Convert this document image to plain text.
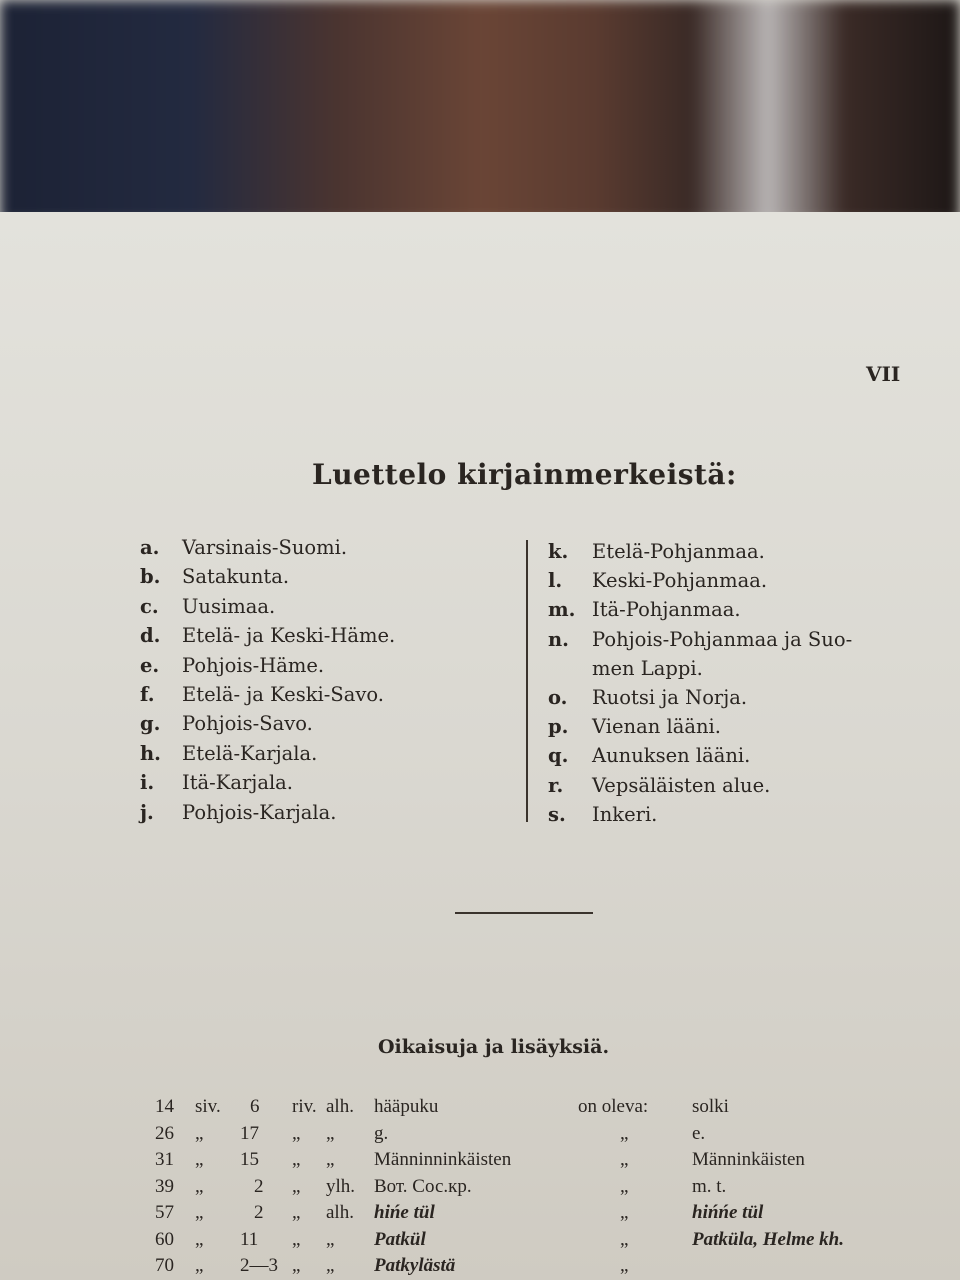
VII
Luettelo kirjainmerkeistä:
a. Varsinais-Suomi.
b. Satakunta.
c. Uusimaa.
d. Etelä- ja Keski-Häme.
e. Pohjois-Häme.
f. Etelä- ja Keski-Savo.
g. Pohjois-Savo.
h. Etelä-Karjala.
i. Itä-Karjala.
j. Pohjois-Karjala.
k. Etelä-Pohjanmaa.
l. Keski-Pohjanmaa.
m. Itä-Pohjanmaa.
n. Pohjois-Pohjanmaa ja Suo-
men Lappi.
o. Ruotsi ja Norja.
p. Vienan lääni.
q. Aunuksen lääni.
r. Vepsäläisten alue.
s. Inkeri.
Oikaisuja ja lisäyksiä.
14 siv. 6 riv. alh. hääpuku	on oleva: solki
26 „ 17 „ „ g.	„	e.
31 „ 15 „ „ Männinninkäisten	„	Männinkäisten
39 „	2 „ ylh. Вот. Сос.кр.	„	m. t.
57 „	2 „ alh. hińe tül	„	hińńe tül
60 „ 11 „ „ Patkül	„	Patküla, Helme kh.
70 „ 2—3 „ „ Patkylästä	„
